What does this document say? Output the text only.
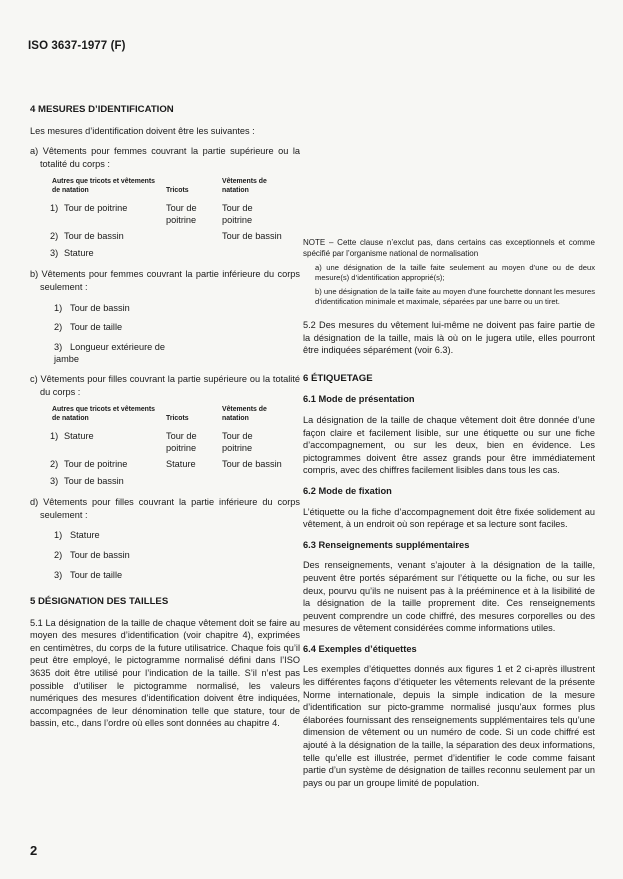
ISO 3637-1977 (F)
4 MESURES D’IDENTIFICATION

Les mesures d’identification doivent être les suivantes :

a) Vêtements pour femmes couvrant la partie supérieure ou la totalité du corps :

Autres que tricots et vêtements de natation	Tricots	Vêtements de natation
1) Tour de poitrine	Tour de poitrine	Tour de poitrine
2) Tour de bassin		Tour de bassin
3) Stature		

b) Vêtements pour femmes couvrant la partie inférieure du corps seulement :

1) Tour de bassin
2) Tour de taille
3) Longueur extérieure de jambe

c) Vêtements pour filles couvrant la partie supérieure ou la totalité du corps :

Autres que tricots et vêtements de natation	Tricots	Vêtements de natation
1) Stature	Tour de poitrine	Tour de poitrine
2) Tour de poitrine	Stature	Tour de bassin
3) Tour de bassin		

d) Vêtements pour filles couvrant la partie inférieure du corps seulement :

1) Stature
2) Tour de bassin
3) Tour de taille
5 DÉSIGNATION DES TAILLES

5.1 La désignation de la taille de chaque vêtement doit se faire au moyen des mesures d’identification (voir chapitre 4), exprimées en centimètres, du corps de la future utilisatrice. Chaque fois qu’il peut être employé, le pictogramme normalisé défini dans l’ISO 3635 doit être utilisé pour l’indication de la taille. S’il n’est pas possible d’utiliser le pictogramme normalisé, les valeurs numériques des mesures d’identification doivent être indiquées, accompagnées de leur dénomination telle que stature, tour de bassin, etc., dans l’ordre où elles sont données au chapitre 4.

NOTE – Cette clause n’exclut pas, dans certains cas exceptionnels et comme spécifié par l’organisme national de normalisation

a) une désignation de la taille faite seulement au moyen d’une ou de deux mesure(s) d’identification approprié(s);

b) une désignation de la taille faite au moyen d’une fourchette donnant les mesures d’identification minimale et maximale, séparées par une barre ou un tiret.

5.2 Des mesures du vêtement lui-même ne doivent pas faire partie de la désignation de la taille, mais là où on le jugera utile, elles pourront être indiquées séparément (voir 6.3).

6 ÉTIQUETAGE
6.1 Mode de présentation

La désignation de la taille de chaque vêtement doit être donnée d’une façon claire et facilement lisible, sur une étiquette ou sur une fiche d’accompagnement, ou sur les deux, bien en évidence. Les pictogrammes doivent être assez grands pour être immédiatement compris, avec des chiffres facilement lisibles dans tous les cas.

6.2 Mode de fixation

L’étiquette ou la fiche d’accompagnement doit être fixée solidement au vêtement, à un endroit où son repérage et sa lecture sont faciles.

6.3 Renseignements supplémentaires

Des renseignements, venant s’ajouter à la désignation de la taille, peuvent être portés séparément sur l’étiquette ou la fiche, ou sur les deux, pourvu qu’ils ne nuisent pas à la prééminence et à la lisibilité de la désignation de la taille proprement dite. Ces renseignements peuvent comprendre un code chiffré, des mesures corporelles ou des mesures de vêtement considérées comme informations utiles.

6.4 Exemples d’étiquettes

Les exemples d’étiquettes donnés aux figures 1 et 2 ci-après illustrent les différentes façons d’étiqueter les vêtements relevant de la présente Norme internationale, depuis la simple indication de la mesure d’identification sur picto-gramme normalisé jusqu’aux formes plus élaborées fournissant des renseignements supplémentaires tels qu’une dimension de vêtement ou un numéro de code. Si un code chiffré est ajouté à la désignation de la taille, la séparation des deux informations, telle qu’elle est illustrée, permet d’identifier le code comme faisant partie d’un système de désignation de tailles reconnu seulement par un pays ou par un groupe limité de population.

2
